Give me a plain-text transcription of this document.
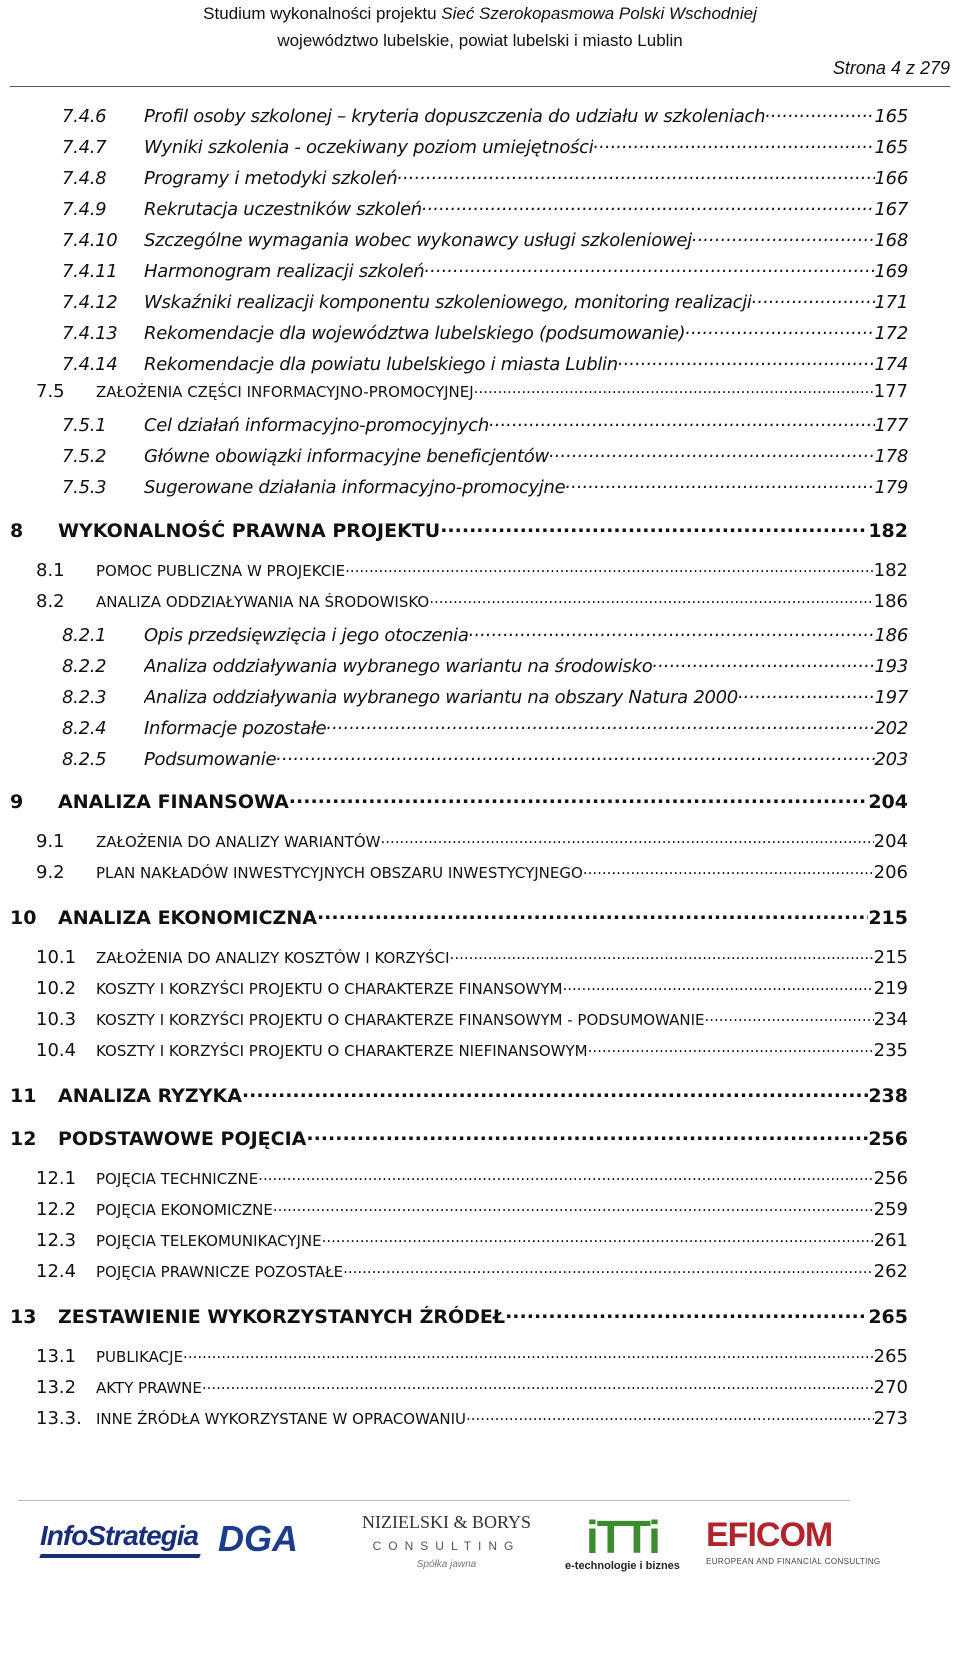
Studium wykonalności projektu Sieć Szerokopasmowa Polski Wschodniej
województwo lubelskie, powiat lubelski i miasto Lublin
Strona 4 z 279
7.4.6	Profil osoby szkolonej – kryteria dopuszczenia do udziału w szkoleniach .....	165
7.4.7	Wyniki szkolenia - oczekiwany poziom umiejętności .....	165
7.4.8	Programy i metodyki szkoleń .....	166
7.4.9	Rekrutacja uczestników szkoleń .....	167
7.4.10	Szczególne wymagania wobec wykonawcy usługi szkoleniowej .....	168
7.4.11	Harmonogram realizacji szkoleń .....	169
7.4.12	Wskaźniki realizacji komponentu szkoleniowego, monitoring realizacji .....	171
7.4.13	Rekomendacje dla województwa lubelskiego (podsumowanie) .....	172
7.4.14	Rekomendacje dla powiatu lubelskiego i miasta Lublin .....	174
7.5	ZAŁOŻENIA CZĘŚCI INFORMACYJNO-PROMOCYJNEJ .....	177
7.5.1	Cel działań informacyjno-promocyjnych .....	177
7.5.2	Główne obowiązki informacyjne beneficjentów .....	178
7.5.3	Sugerowane działania informacyjno-promocyjne .....	179
8	WYKONALNOŚĆ PRAWNA PROJEKTU .....	182
8.1	POMOC PUBLICZNA W PROJEKCIE .....	182
8.2	ANALIZA ODDZIAŁYWANIA NA ŚRODOWISKO .....	186
8.2.1	Opis przedsięwzięcia i jego otoczenia .....	186
8.2.2	Analiza oddziaływania wybranego wariantu na środowisko .....	193
8.2.3	Analiza oddziaływania wybranego wariantu na obszary Natura 2000 .....	197
8.2.4	Informacje pozostałe .....	202
8.2.5	Podsumowanie .....	203
9	ANALIZA FINANSOWA .....	204
9.1	ZAŁOŻENIA DO ANALIZY WARIANTÓW .....	204
9.2	PLAN NAKŁADÓW INWESTYCYJNYCH OBSZARU INWESTYCYJNEGO .....	206
10	ANALIZA EKONOMICZNA .....	215
10.1	ZAŁOŻENIA DO ANALIZY KOSZTÓW I KORZYŚCI .....	215
10.2	KOSZTY I KORZYŚCI PROJEKTU O CHARAKTERZE FINANSOWYM .....	219
10.3	KOSZTY I KORZYŚCI PROJEKTU O CHARAKTERZE FINANSOWYM - PODSUMOWANIE .....	234
10.4	KOSZTY I KORZYŚCI PROJEKTU O CHARAKTERZE NIEFINANSOWYM .....	235
11	ANALIZA RYZYKA .....	238
12	PODSTAWOWE POJĘCIA .....	256
12.1	POJĘCIA TECHNICZNE .....	256
12.2	POJĘCIA EKONOMICZNE .....	259
12.3	POJĘCIA TELEKOMUNIKACYJNE .....	261
12.4	POJĘCIA PRAWNICZE POZOSTAŁE .....	262
13	ZESTAWIENIE WYKORZYSTANYCH ŹRÓDEŁ .....	265
13.1	PUBLIKACJE .....	265
13.2	AKTY PRAWNE .....	270
13.3. INNE ŹRÓDŁA WYKORZYSTANE W OPRACOWANIU .....	273
InfoStrategia DGA	NIZIELSKI & BORYS
CONSULTING
Spółka jawna
iTTi
e-technologie i biznes
EFICOM
EUROPEAN AND FINANCIAL CONSULTING
